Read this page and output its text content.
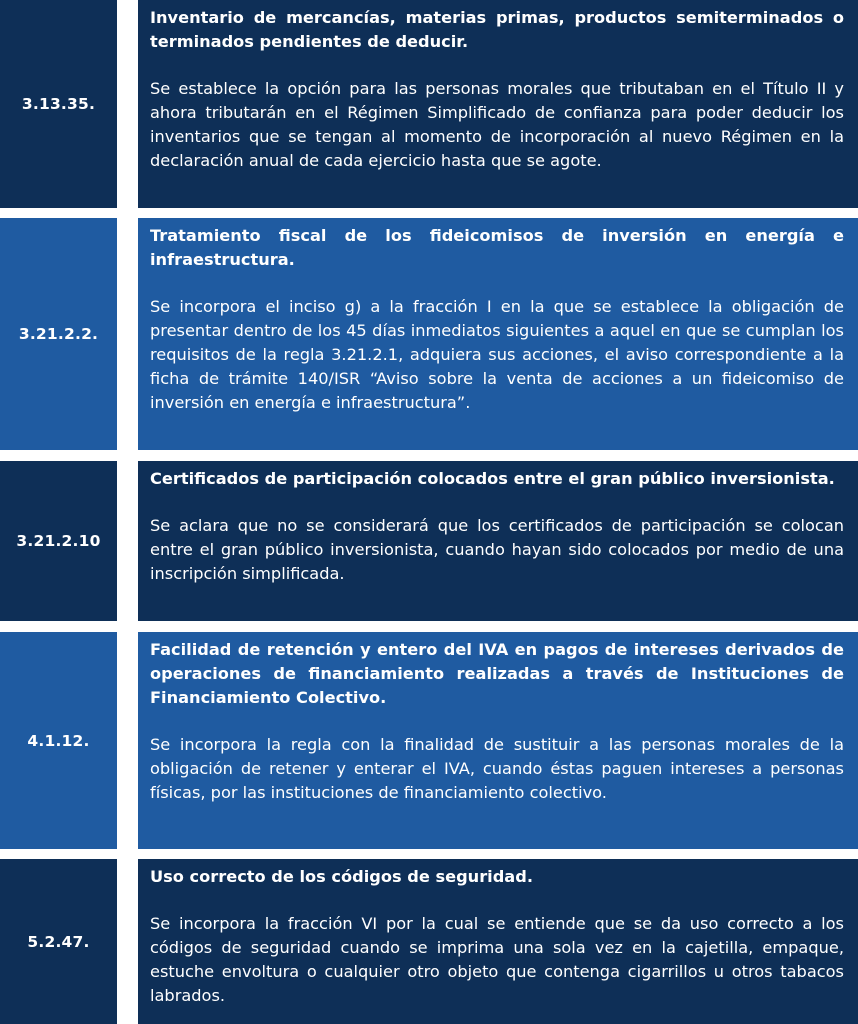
3.13.35.

Inventario de mercancías, materias primas, productos semiterminados o terminados pendientes de deducir.

Se establece la opción para las personas morales que tributaban en el Título II y ahora tributarán en el Régimen Simplificado de confianza para poder deducir los inventarios que se tengan al momento de incorporación al nuevo Régimen en la declaración anual de cada ejercicio hasta que se agote.

3.21.2.2.

Tratamiento fiscal de los fideicomisos de inversión en energía e infraestructura.

Se incorpora el inciso g) a la fracción I en la que se establece la obligación de presentar dentro de los 45 días inmediatos siguientes a aquel en que se cumplan los requisitos de la regla 3.21.2.1, adquiera sus acciones, el aviso correspondiente a la ficha de trámite 140/ISR “Aviso sobre la venta de acciones a un fideicomiso de inversión en energía e infraestructura”.

3.21.2.10

Certificados de participación colocados entre el gran público inversionista.

Se aclara que no se considerará que los certificados de participación se colocan entre el gran público inversionista, cuando hayan sido colocados por medio de una inscripción simplificada.

4.1.12.

Facilidad de retención y entero del IVA en pagos de intereses derivados de operaciones de financiamiento realizadas a través de Instituciones de Financiamiento Colectivo.

Se incorpora la regla con la finalidad de sustituir a las personas morales de la obligación de retener y enterar el IVA, cuando éstas paguen intereses a personas físicas, por las instituciones de financiamiento colectivo.

5.2.47.

Uso correcto de los códigos de seguridad.

Se incorpora la fracción VI por la cual se entiende que se da uso correcto a los códigos de seguridad cuando se imprima una sola vez en la cajetilla, empaque, estuche envoltura o cualquier otro objeto que contenga cigarrillos u otros tabacos labrados.
